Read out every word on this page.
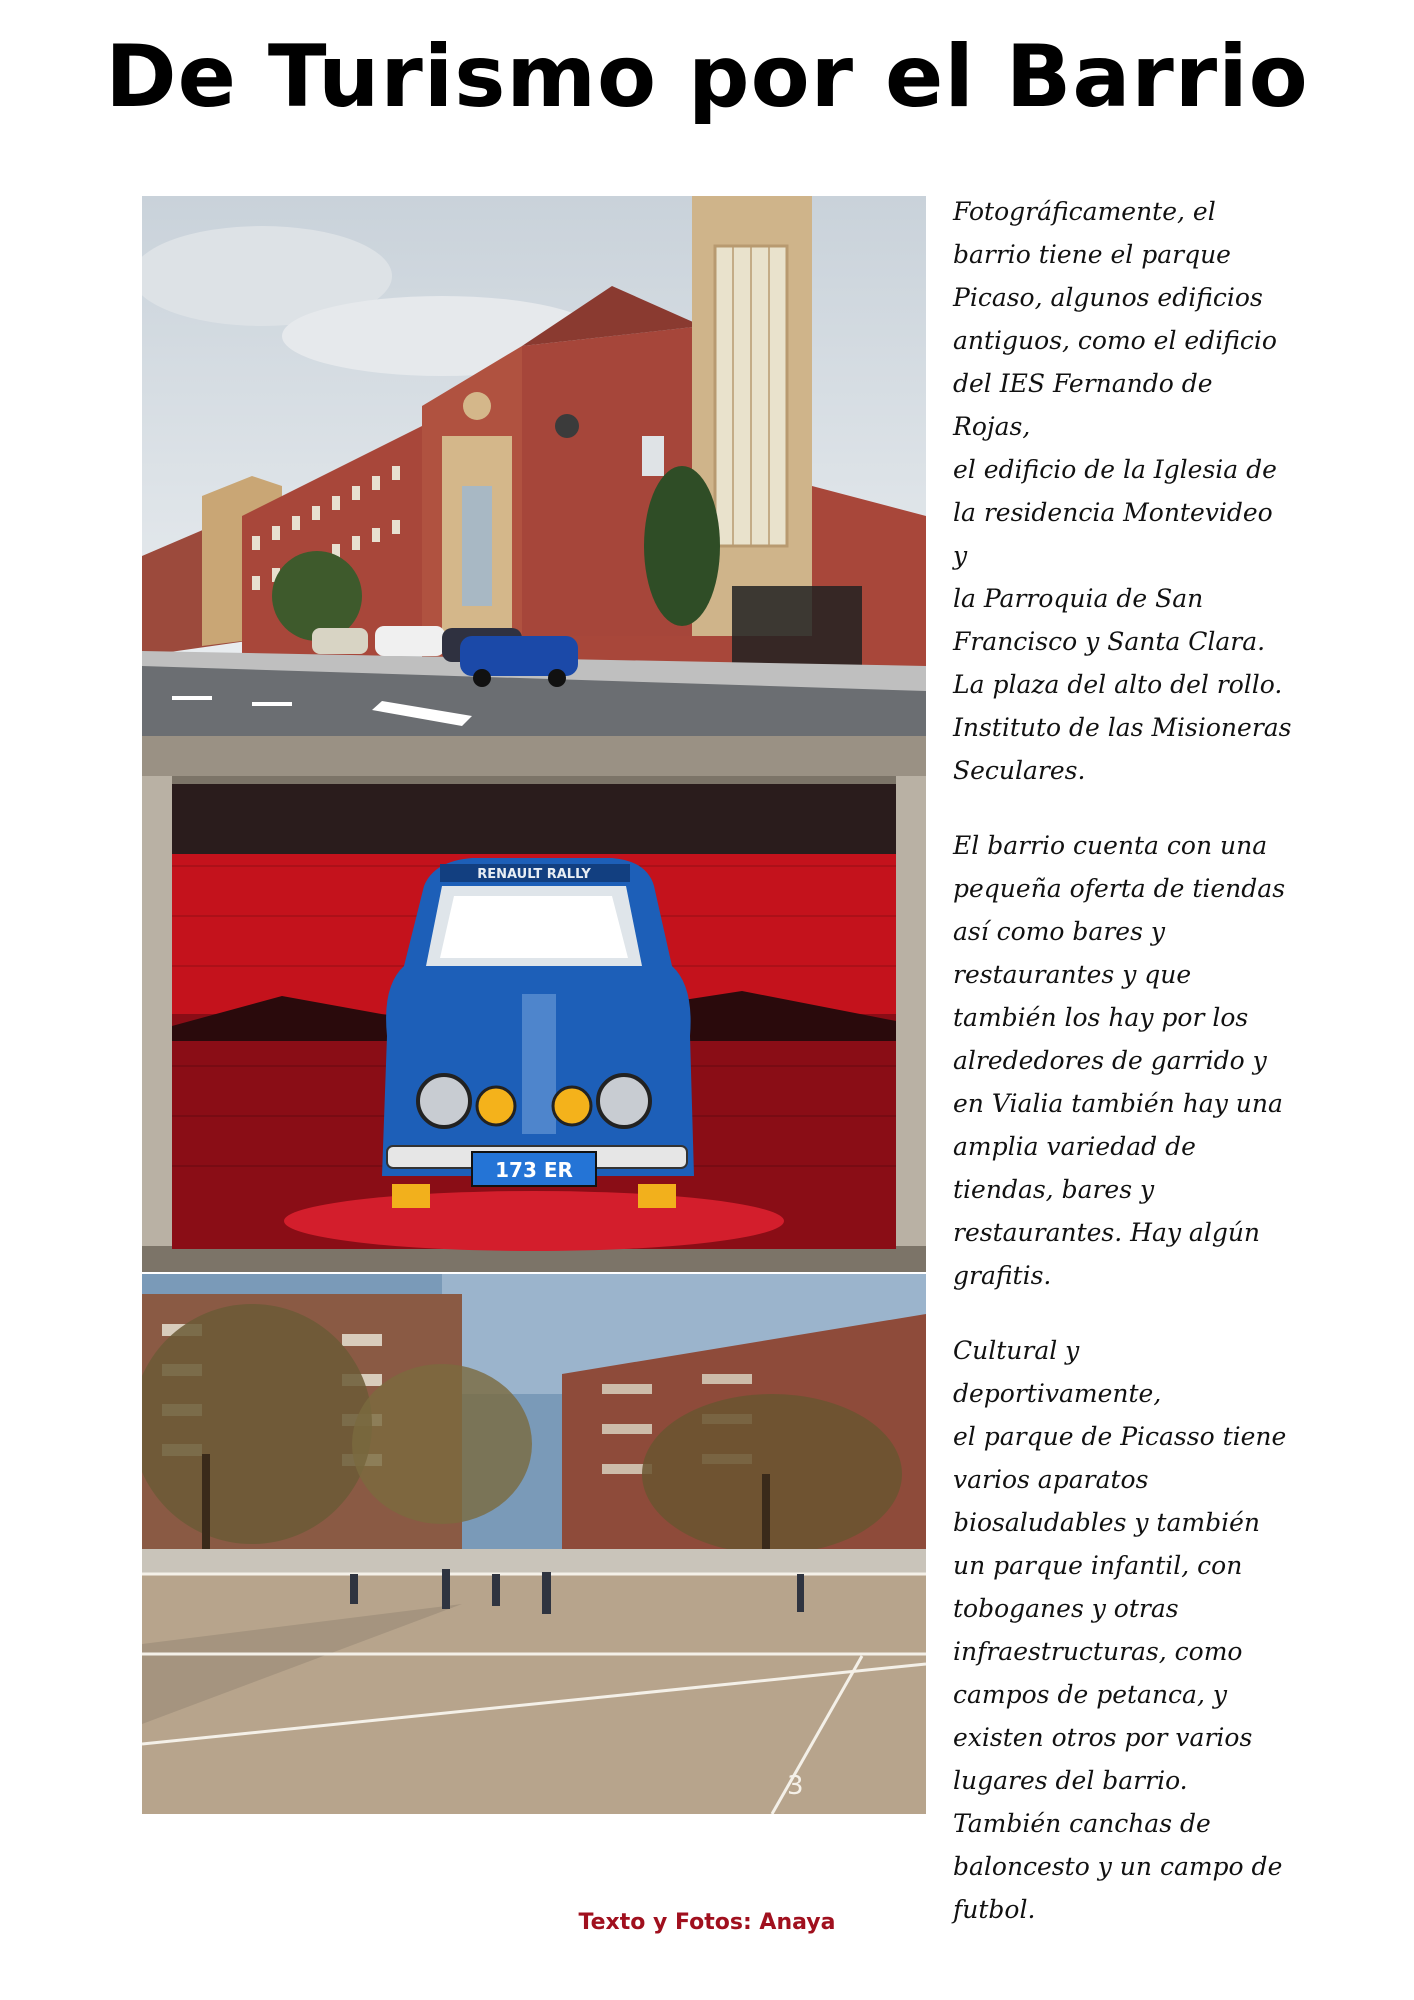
De Turismo por el Barrio
RENAULT RALLY
173 ER
3

Fotográficamente, el
barrio tiene el parque
Picaso, algunos edificios
antiguos, como el edificio
del IES Fernando de Rojas,
el edificio de la Iglesia de
la residencia Montevideo y
la Parroquia de San
Francisco y Santa Clara.
La plaza del alto del rollo.
Instituto de las Misioneras
Seculares.

El barrio cuenta con una
pequeña oferta de tiendas
así como bares y
restaurantes y que
también los hay por los
alrededores de garrido y
en Vialia también hay una
amplia variedad de
tiendas, bares y
restaurantes. Hay algún
grafitis.

Cultural y deportivamente,
el parque de Picasso tiene
varios aparatos
biosaludables y también
un parque infantil, con
toboganes y otras
infraestructuras, como
campos de petanca, y
existen otros por varios
lugares del barrio.
También canchas de
baloncesto y un campo de
futbol.

Texto y Fotos: Anaya
